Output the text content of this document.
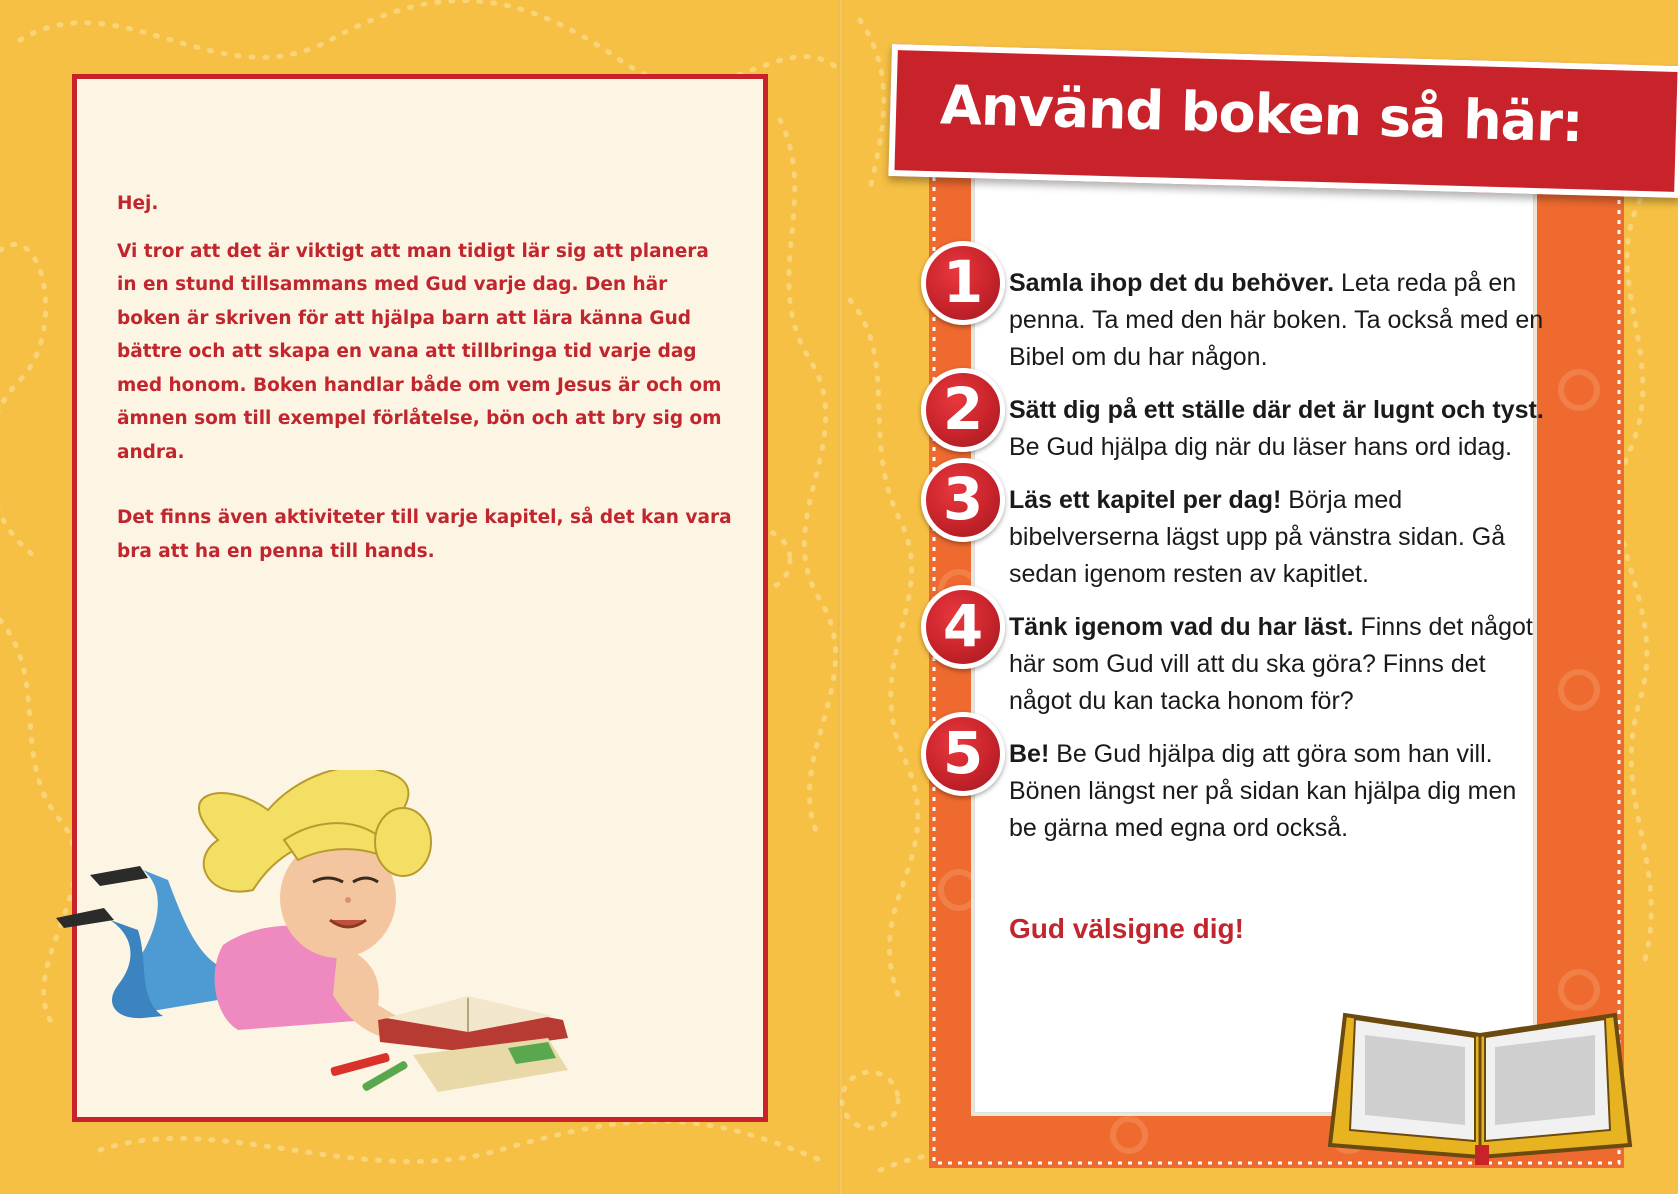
Hej.

Vi tror att det är viktigt att man tidigt lär sig att planera in en stund tillsammans med Gud varje dag. Den här boken är skriven för att hjälpa barn att lära känna Gud bättre och att skapa en vana att tillbringa tid varje dag med honom. Boken handlar både om vem Jesus är och om ämnen som till exempel förlåtelse, bön och att bry sig om andra.

Det finns även aktiviteter till varje kapitel, så det kan vara bra att ha en penna till hands.

Använd boken så här:
1	Samla ihop det du behöver. Leta reda på en penna. Ta med den här boken. Ta också med en Bibel om du har någon.
2	Sätt dig på ett ställe där det är lugnt och tyst. Be Gud hjälpa dig när du läser hans ord idag.
3	Läs ett kapitel per dag! Börja med bibelverserna lägst upp på vänstra sidan. Gå sedan igenom resten av kapitlet.
4	Tänk igenom vad du har läst. Finns det något här som Gud vill att du ska göra? Finns det något du kan tacka honom för?
5	Be! Be Gud hjälpa dig att göra som han vill. Bönen längst ner på sidan kan hjälpa dig men be gärna med egna ord också.
Gud välsigne dig!
